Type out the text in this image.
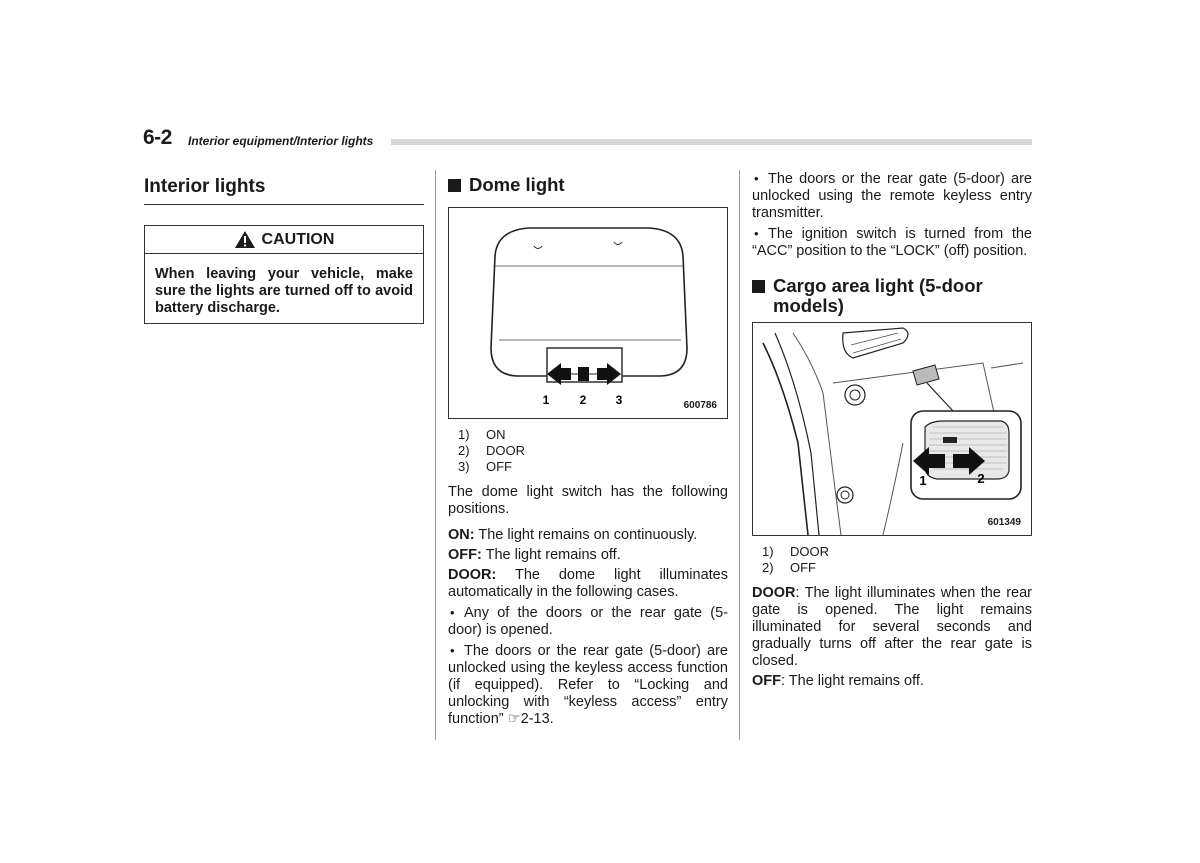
6-2 Interior equipment/Interior lights
Interior lights
CAUTION
When leaving your vehicle, make sure the lights are turned off to avoid battery discharge.
Dome light
1	2 3	600786
1) ON
2) DOOR
3) OFF

The dome light switch has the following positions.

ON: The light remains on continuously.

OFF: The light remains off.

DOOR: The dome light illuminates automatically in the following cases.

• Any of the doors or the rear gate (5-door) is opened.

• The doors or the rear gate (5-door) are unlocked using the keyless access function (if equipped). Refer to “Locking and unlocking with “keyless access” entry function” ☞2-13.

• The doors or the rear gate (5-door) are unlocked using the remote keyless entry transmitter.

• The ignition switch is turned from the “ACC” position to the “LOCK” (off) position.

Cargo area light (5-door models)
1	2
601349
1) DOOR
2) OFF

DOOR: The light illuminates when the rear gate is opened. The light remains illuminated for several seconds and gradually turns off after the rear gate is closed.

OFF: The light remains off.
